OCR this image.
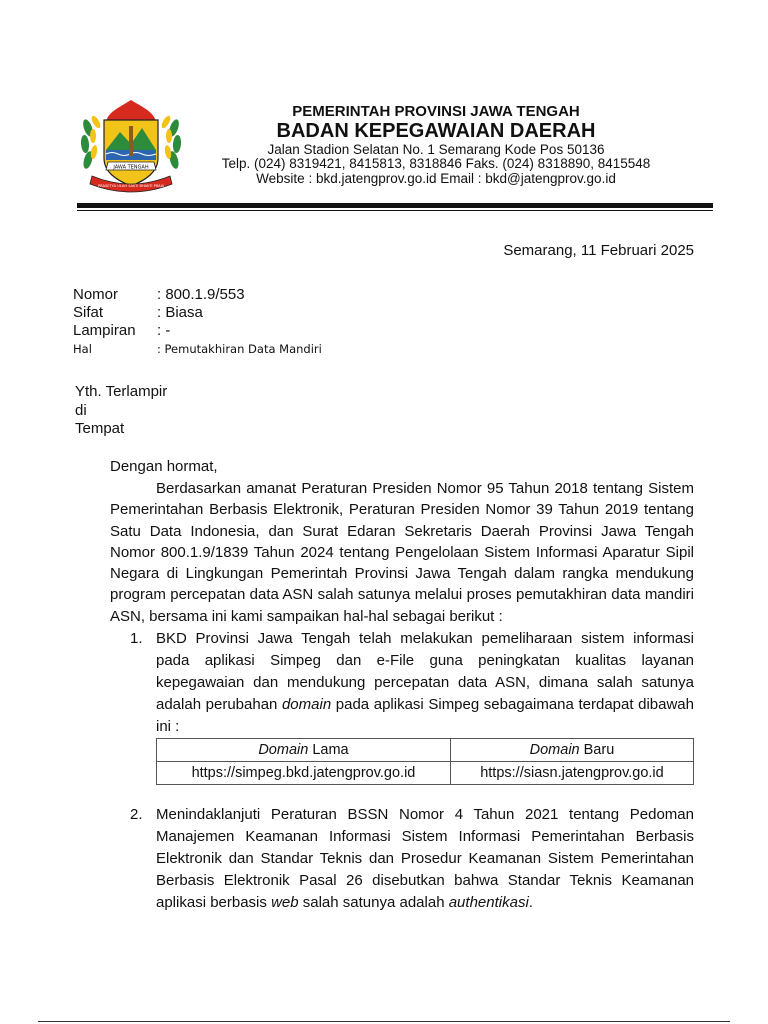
JAWA TENGAH
PRASETYA ULAH SAKTI BHAKTI PRAJA
PEMERINTAH PROVINSI JAWA TENGAH
BADAN KEPEGAWAIAN DAERAH
Jalan Stadion Selatan No. 1 Semarang Kode Pos 50136
Telp. (024) 8319421, 8415813, 8318846 Faks. (024) 8318890, 8415548
Website : bkd.jatengprov.go.id Email : bkd@jatengprov.go.id
Semarang, 11 Februari 2025
Nomor	: 800.1.9/553
Sifat	: Biasa
Lampiran	: -
Hal	: Pemutakhiran Data Mandiri
Yth. Terlampir
di
Tempat
Dengan hormat,
Berdasarkan amanat Peraturan Presiden Nomor 95 Tahun 2018 tentang Sistem Pemerintahan Berbasis Elektronik, Peraturan Presiden Nomor 39 Tahun 2019 tentang Satu Data Indonesia, dan Surat Edaran Sekretaris Daerah Provinsi Jawa Tengah Nomor 800.1.9/1839 Tahun 2024 tentang Pengelolaan Sistem Informasi Aparatur Sipil Negara di Lingkungan Pemerintah Provinsi Jawa Tengah dalam rangka mendukung program percepatan data ASN salah satunya melalui proses pemutakhiran data mandiri ASN, bersama ini kami sampaikan hal-hal sebagai berikut :
1. BKD Provinsi Jawa Tengah telah melakukan pemeliharaan sistem informasi pada aplikasi Simpeg dan e-File guna peningkatan kualitas layanan kepegawaian dan mendukung percepatan data ASN, dimana salah satunya adalah perubahan domain pada aplikasi Simpeg sebagaimana terdapat dibawah ini :
Domain Lama	Domain Baru
https://simpeg.bkd.jatengprov.go.id	https://siasn.jatengprov.go.id
2. Menindaklanjuti Peraturan BSSN Nomor 4 Tahun 2021 tentang Pedoman Manajemen Keamanan Informasi Sistem Informasi Pemerintahan Berbasis Elektronik dan Standar Teknis dan Prosedur Keamanan Sistem Pemerintahan Berbasis Elektronik Pasal 26 disebutkan bahwa Standar Teknis Keamanan aplikasi berbasis web salah satunya adalah authentikasi.
